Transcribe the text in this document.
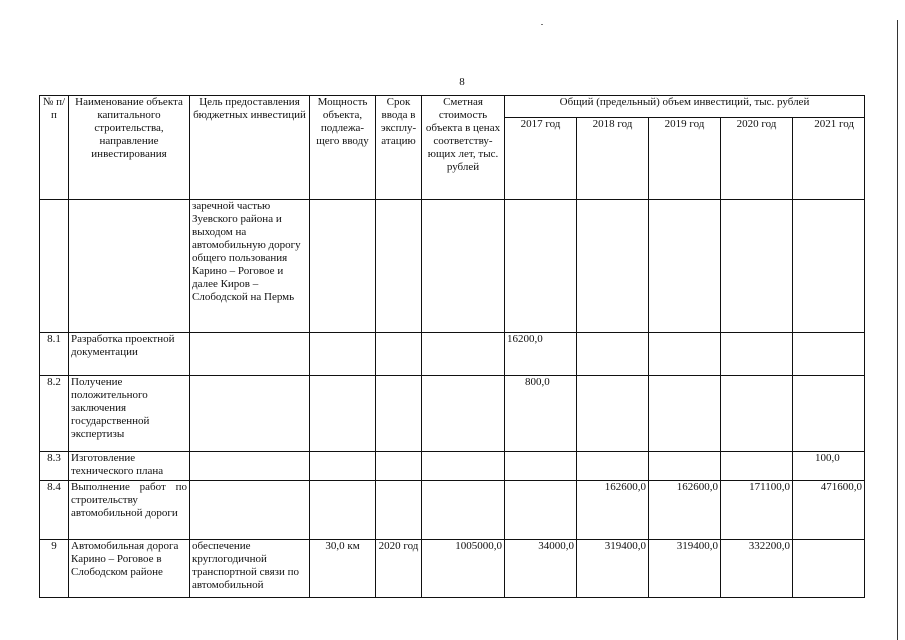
8
№ п/п	Наименование объекта капитального строительства, направление инвестирования	Цель предоставления бюджетных инвестиций	Мощность объекта, подлежа-щего вводу	Срок ввода в эксплу-атацию	Сметная стоимость объекта в ценах соответству-ющих лет, тыс. рублей	Общий (предельный) объем инвестиций, тыс. рублей				
						2017 год	2018 год	2019 год	2020 год	2021 год
		заречной частью Зуевского района и выходом на автомобильную дорогу общего пользования Карино – Роговое и далее Киров – Слободской на Пермь								
8.1	Разработка проектной документации					16200,0				
8.2	Получение положительного заключения государственной экспертизы					800,0				
8.3	Изготовление технического плана									100,0
8.4	Выполнение работ по строительству автомобильной дороги						162600,0	162600,0	171100,0	471600,0
9	Автомобильная дорога Карино – Роговое в Слободском районе	обеспечение круглогодичной транспортной связи по автомобильной	30,0 км	2020 год	1005000,0	34000,0	319400,0	319400,0	332200,0	
